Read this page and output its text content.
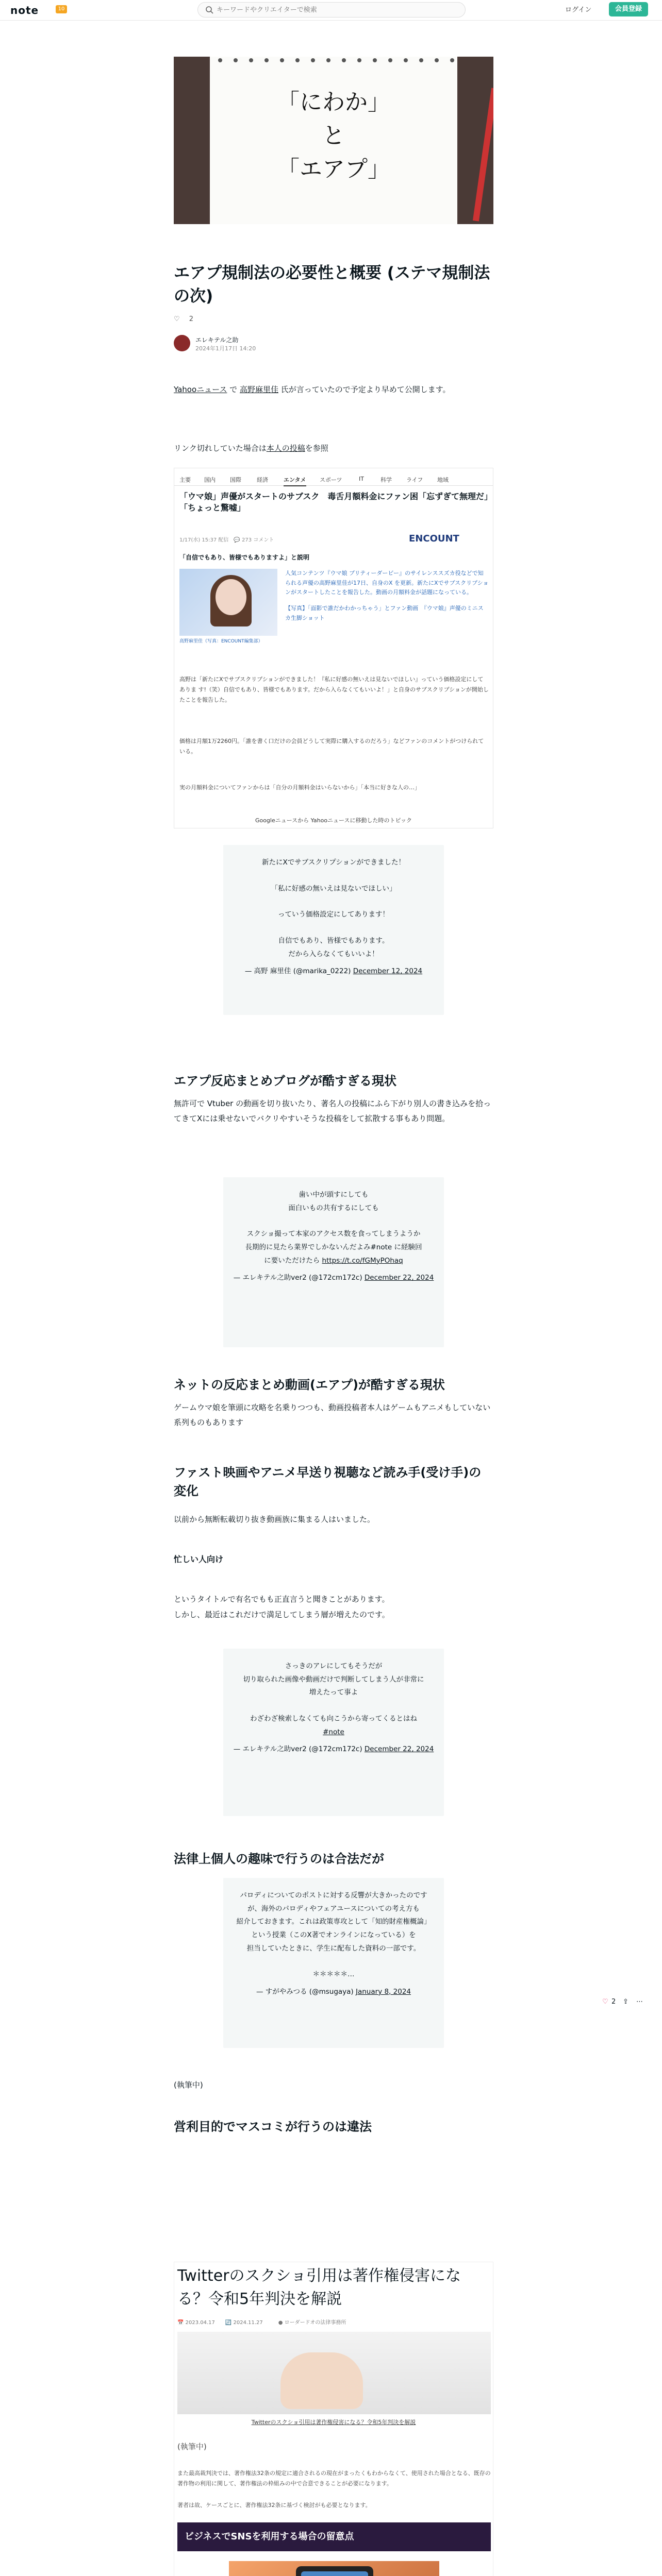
note	10
キーワードやクリエイターで検索	ログイン	会員登録
「にわか」
と
「エアプ」
エアプ規制法の必要性と概要 (ステマ規制法の次)
♡ 2
エレキテル之助
2024年1月17日 14:20
Yahooニュース で 高野麻里佳 氏が言っていたので予定より早めて公開します。
リンク切れしていた場合は本人の投稿を参照
主要 国内	国際	経済	エンタメ スポーツ	IT	科学	ライフ	地域
「ウマ娘」声優がスタートのサブスク　毒舌月額料金にファン困「忘ずぎて無理だ」「ちょっと驚嘘」
1/17(水) 15:37 配信　💬 273 コメント	ENCOUNT
「自信でもあり、皆様でもありますよ」と説明
高野麻里佳（写真：ENCOUNT編集部）

人気コンテンツ『ウマ娘 プリティーダービー』のサイレンススズカ役などで知られる声優の高野麻里佳が17日、自身のX を更新。新たにXでサブスクリプションがスタートしたことを報告した。動画の月額料金が話題になっている。

【写真】「面影で誰だかわかっちゃう」とファン動画　『ウマ娘』声優のミニスカ生脚ショット

高野は「新たにXでサブスクリプションができました！『私に好感の無いえは見ないでほしい』っていう価格設定にしてありま す!（笑）自信でもあり、皆様でもあります。だから入らなくてもいいよ！」と自身のサブスクリプションが開始したことを報告した。
価格は月額1万2260円。「誰を書く口だけの会員どうして実際に購入するのだろう」などファンのコメントがつけられている。
実の月額料金についてファンからは「自分の月額料金はいらないから」「本当に好きな人の…」
Googleニュースから Yahooニュースに移動した時のトピック
新たにXでサブスクリプションができました！
「私に好感の無いえは見ないでほしい」
っていう価格設定にしてあります！
自信でもあり、皆様でもあります。
だから入らなくてもいいよ！
— 高野 麻里佳 (@marika_0222) December 12, 2024
エアプ反応まとめブログが酷すぎる現状
無許可で Vtuber の動画を切り抜いたり、著名人の投稿にふら下がり別人の書き込みを拾ってきてXには乗せないでバクリやすいそうな投稿をして拡散する事もあり問題。
歯い中が頭すにしても
面白いもの共有するにしても
スクショ撮って本家のアクセス数を食ってしまうようか
長期的に見たら業界でしかないんだよみ#note に経験回
に要いただけたら https://t.co/fGMyPOhaq
— エレキテル之助ver2 (@172cm172c) December 22, 2024
ネットの反応まとめ動画(エアプ)が酷すぎる現状
ゲームウマ娘を筆頭に攻略を名乗りつつも、動画投稿者本人はゲームもアニメもしていない系列ものもあります
ファスト映画やアニメ早送り視聴など読み手(受け手)の変化
以前から無断転載切り抜き動画族に集まる人はいました。
忙しい人向け
というタイトルで有名でもも正直言うと聞きことがあります。
しかし、最近はこれだけで満足してしまう層が増えたのです。
さっきのアレにしてもそうだが
切り取られた画像や動画だけで判断してしまう人が非常に
増えたって事よ
わざわざ検索しなくても向こうから寄ってくるとはね
#note
— エレキテル之助ver2 (@172cm172c) December 22, 2024
法律上個人の趣味で行うのは合法だが
パロディについてのポストに対する反響が大きかったのですが、海外のパロディやフェアユースについての考え方も
紹介しておきます。これは政策専攻として「知的財産権概論」という授業（このX著でオンラインになっている）を
担当していたときに、学生に配布した資料の一部です。
＊＊＊＊＊…
— すがやみつる (@msugaya) January 8, 2024
(執筆中)
営利目的でマスコミが行うのは違法
Twitterのスクショ引用は著作権侵害になる？令和5年判決を解説
📅 2023.04.17　　🔄 2024.11.27　　　● ローダードオの法律事務所
Twitterのスクショ引用は著作権侵害になる？令和5年判決を解説
(執筆中)
また最高裁判決では、著作権法32条の規定に適合されるの現在がまったくもわからなくて、使用された場合となる、既存の著作物の利用に関して、著作権法の枠組みの中で合意できることが必要になります。
著者は故、ケースごとに、著作権法32条に基づく検討がも必要となります。
ビジネスでSNSを利用する場合の留意点

♡ 2 ⇪ ⋯
